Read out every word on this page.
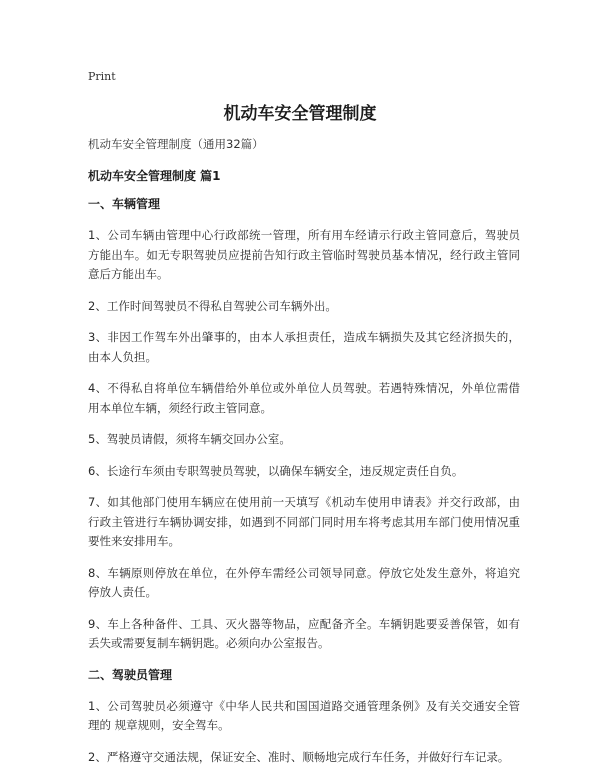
Print
机动车安全管理制度

机动车安全管理制度（通用32篇）

机动车安全管理制度 篇1

一、车辆管理

1、公司车辆由管理中心行政部统一管理，所有用车经请示行政主管同意后，驾驶员方能出车。如无专职驾驶员应提前告知行政主管临时驾驶员基本情况，经行政主管同意后方能出车。

2、工作时间驾驶员不得私自驾驶公司车辆外出。

3、非因工作驾车外出肇事的，由本人承担责任，造成车辆损失及其它经济损失的，由本人负担。

4、不得私自将单位车辆借给外单位或外单位人员驾驶。若遇特殊情况，外单位需借用本单位车辆，须经行政主管同意。

5、驾驶员请假，须将车辆交回办公室。

6、长途行车须由专职驾驶员驾驶，以确保车辆安全，违反规定责任自负。

7、如其他部门使用车辆应在使用前一天填写《机动车使用申请表》并交行政部，由行政主管进行车辆协调安排，如遇到不同部门同时用车将考虑其用车部门使用情况重要性来安排用车。

8、车辆原则停放在单位，在外停车需经公司领导同意。停放它处发生意外，将追究停放人责任。

9、车上各种备件、工具、灭火器等物品，应配备齐全。车辆钥匙要妥善保管，如有丢失或需要复制车辆钥匙。必须向办公室报告。

二、驾驶员管理

1、公司驾驶员必须遵守《中华人民共和国国道路交通管理条例》及有关交通安全管理的 规章规则，安全驾车。

2、严格遵守交通法规，保证安全、准时、顺畅地完成行车任务，并做好行车记录。
